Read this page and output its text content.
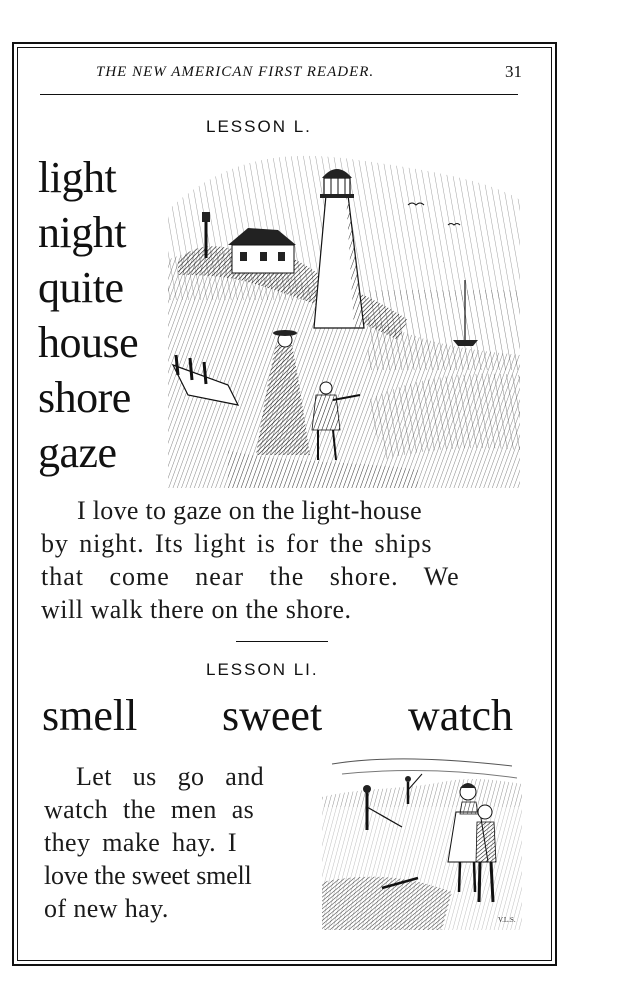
THE NEW AMERICAN FIRST READER.	31
LESSON L.
light
night
quite
house
shore
gaze
I love to gaze on the light-house
by night. Its light is for the ships
that come near the shore. We
will walk there on the shore.
LESSON LI.
smell sweet watch
Let us go and
watch the men as
they make hay. I
love the sweet smell
of new hay.	V.L.S.
